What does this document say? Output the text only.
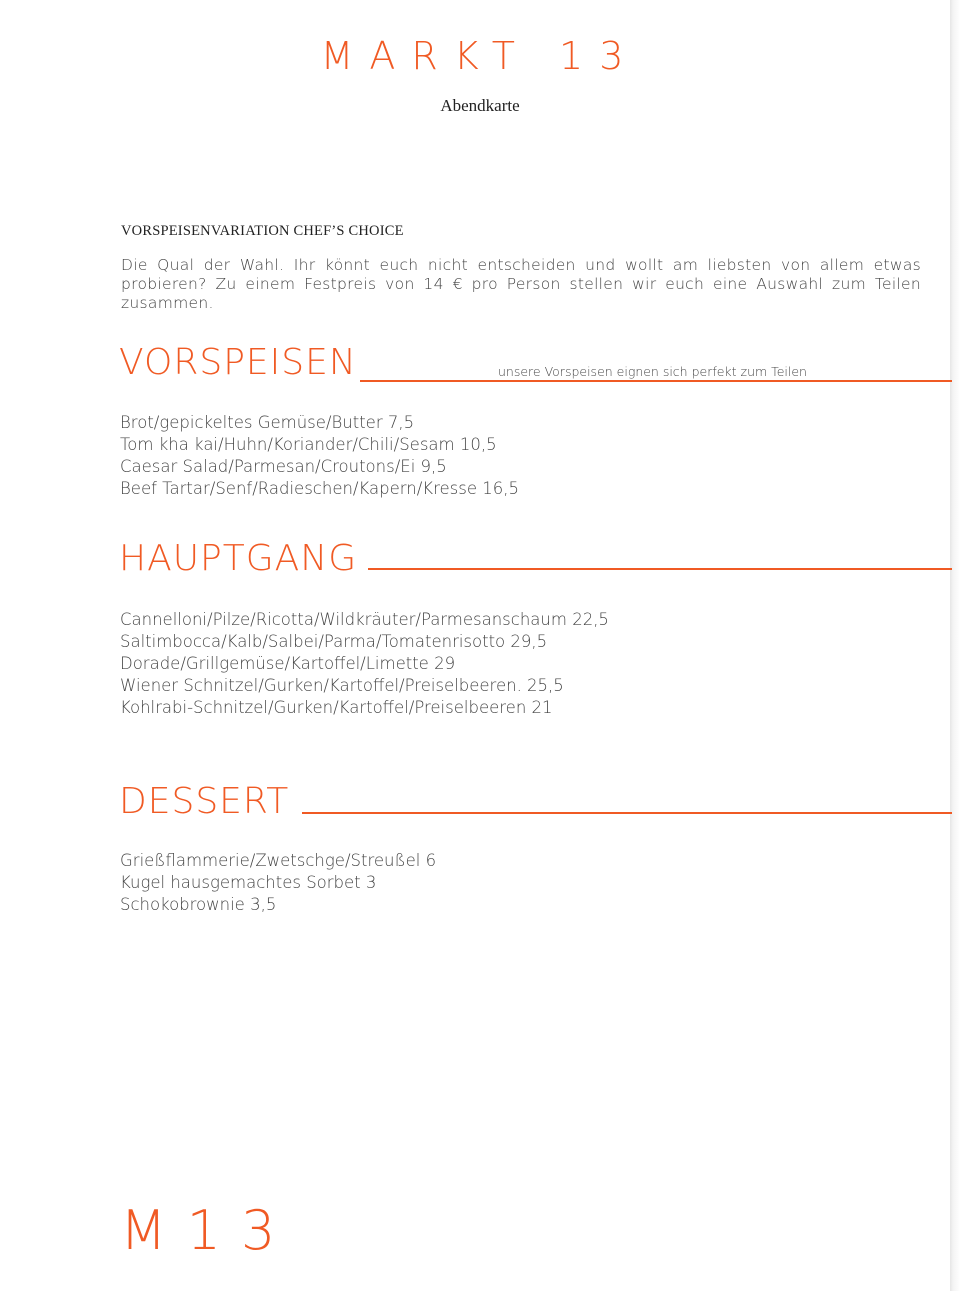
MARKT 13
Abendkarte
VORSPEISENVARIATION CHEF’S CHOICE
Die Qual der Wahl. Ihr könnt euch nicht entscheiden und wollt am liebsten von allem etwas probieren? Zu einem Festpreis von 14 € pro Person stellen wir euch eine Auswahl zum Teilen zusammen.
VORSPEISEN	unsere Vorspeisen eignen sich perfekt zum Teilen
Brot/gepickeltes Gemüse/Butter 7,5
Tom kha kai/Huhn/Koriander/Chili/Sesam 10,5
Caesar Salad/Parmesan/Croutons/Ei 9,5
Beef Tartar/Senf/Radieschen/Kapern/Kresse 16,5
HAUPTGANG
Cannelloni/Pilze/Ricotta/Wildkräuter/Parmesanschaum 22,5
Saltimbocca/Kalb/Salbei/Parma/Tomatenrisotto 29,5
Dorade/Grillgemüse/Kartoffel/Limette 29
Wiener Schnitzel/Gurken/Kartoffel/Preiselbeeren. 25,5
Kohlrabi-Schnitzel/Gurken/Kartoffel/Preiselbeeren 21
DESSERT
Grießflammerie/Zwetschge/Streußel 6
Kugel hausgemachtes Sorbet 3
Schokobrownie 3,5
M13
